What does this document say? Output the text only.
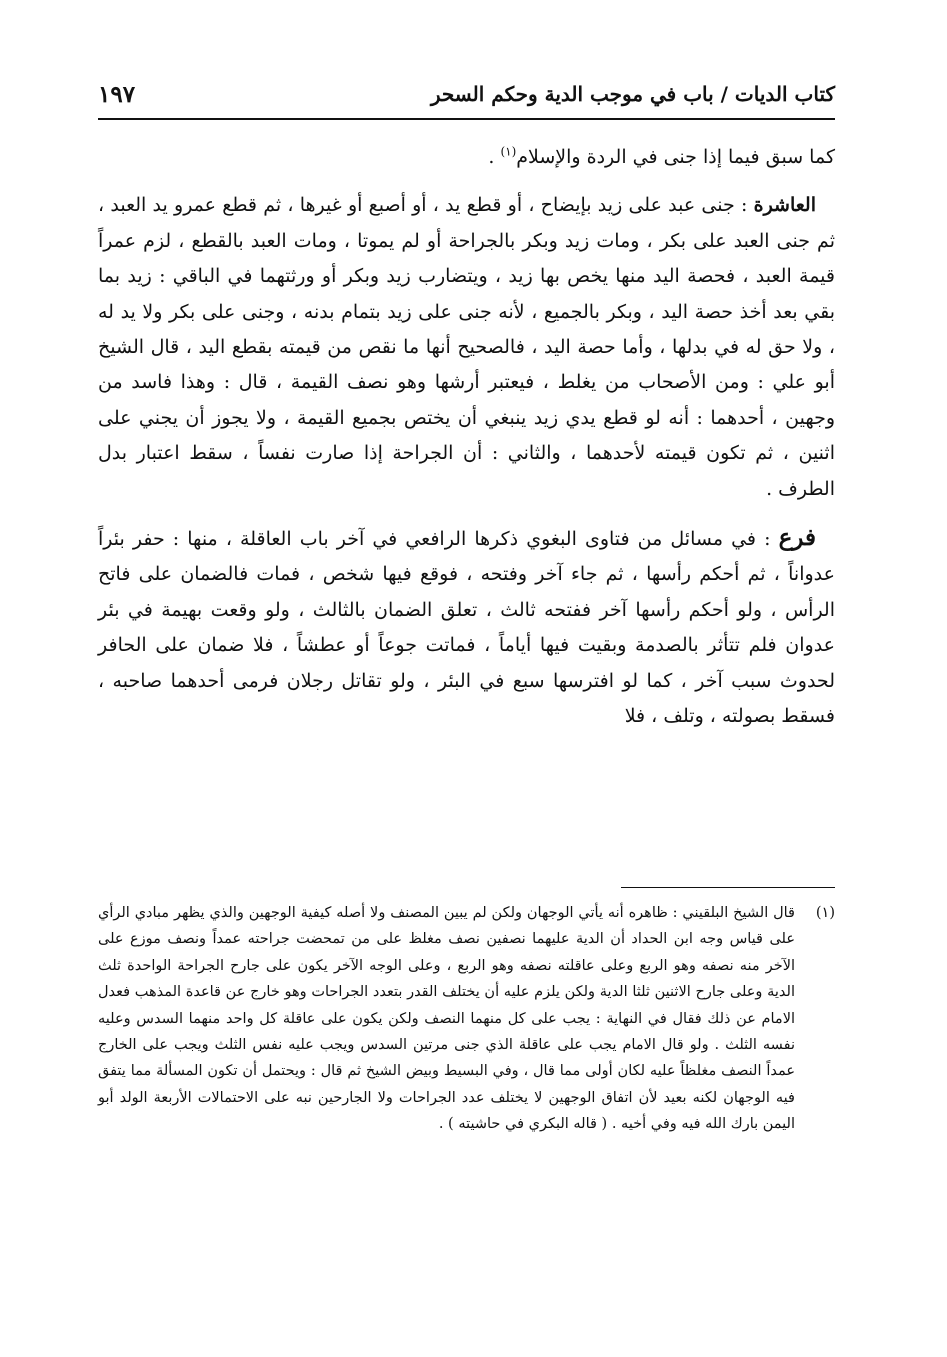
كتاب الديات / باب في موجب الدية وحكم السحر
١٩٧

كما سبق فيما إذا جنى في الردة والإسلام$^{(١)}$ .

 العاشرة : جنى عبد على زيد بإيضاح ، أو قطع يد ، أو أصبع أو غيرها ، ثم قطع عمرو يد العبد ، ثم جنى العبد على بكر ، ومات زيد وبكر بالجراحة أو لم يموتا ، ومات العبد بالقطع ، لزم عمراً قيمة العبد ، فحصة اليد منها يخص بها زيد ، ويتضارب زيد وبكر أو ورثتهما في الباقي : زيد بما بقي بعد أخذ حصة اليد ، وبكر بالجميع ، لأنه جنى على زيد بتمام بدنه ، وجنى على بكر ولا يد له ، ولا حق له في بدلها ، وأما حصة اليد ، فالصحيح أنها ما نقص من قيمته بقطع اليد ، قال الشيخ أبو علي : ومن الأصحاب من يغلط ، فيعتبر أرشها وهو نصف القيمة ، قال : وهذا فاسد من وجهين ، أحدهما : أنه لو قطع يدي زيد ينبغي أن يختص بجميع القيمة ، ولا يجوز أن يجني على اثنين ، ثم تكون قيمته لأحدهما ، والثاني : أن الجراحة إذا صارت نفساً ، سقط اعتبار بدل الطرف .

 فرع : في مسائل من فتاوى البغوي ذكرها الرافعي في آخر باب العاقلة ، منها : حفر بئراً عدواناً ، ثم أحكم رأسها ، ثم جاء آخر وفتحه ، فوقع فيها شخص ، فمات فالضمان على فاتح الرأس ، ولو أحكم رأسها آخر ففتحه ثالث ، تعلق الضمان بالثالث ، ولو وقعت بهيمة في بئر عدوان فلم تتأثر بالصدمة وبقيت فيها أياماً ، فماتت جوعاً أو عطشاً ، فلا ضمان على الحافر لحدوث سبب آخر ، كما لو افترسها سبع في البئر ، ولو تقاتل رجلان فرمى أحدهما صاحبه ، فسقط بصولته ، وتلف ، فلا

(١)
قال الشيخ البلقيني : ظاهره أنه يأتي الوجهان ولكن لم يبين المصنف ولا أصله كيفية الوجهين والذي يظهر مبادي الرأي على قياس وجه ابن الحداد أن الدية عليهما نصفين نصف مغلظ على من تمحضت جراحته عمداً ونصف موزع على الآخر منه نصفه وهو الربع وعلى عاقلته نصفه وهو الربع ، وعلى الوجه الآخر يكون على جارح الجراحة الواحدة ثلث الدية وعلى جارح الاثنين ثلثا الدية ولكن يلزم عليه أن يختلف القدر بتعدد الجراحات وهو خارج عن قاعدة المذهب فعدل الامام عن ذلك فقال في النهاية : يجب على كل منهما النصف ولكن يكون على عاقلة كل واحد منهما السدس وعليه نفسه الثلث . ولو قال الامام يجب على عاقلة الذي جنى مرتين السدس ويجب عليه نفس الثلث ويجب على الخارج عمداً النصف مغلظاً عليه لكان أولى مما قال ، وفي البسيط وبيض الشيخ ثم قال : ويحتمل أن تكون المسألة مما يتفق فيه الوجهان لكنه بعيد لأن اتفاق الوجهين لا يختلف عدد الجراحات ولا الجارحين نبه على الاحتمالات الأربعة الولد أبو اليمن بارك الله فيه وفي أخيه . ( قاله البكري في حاشيته ) .
